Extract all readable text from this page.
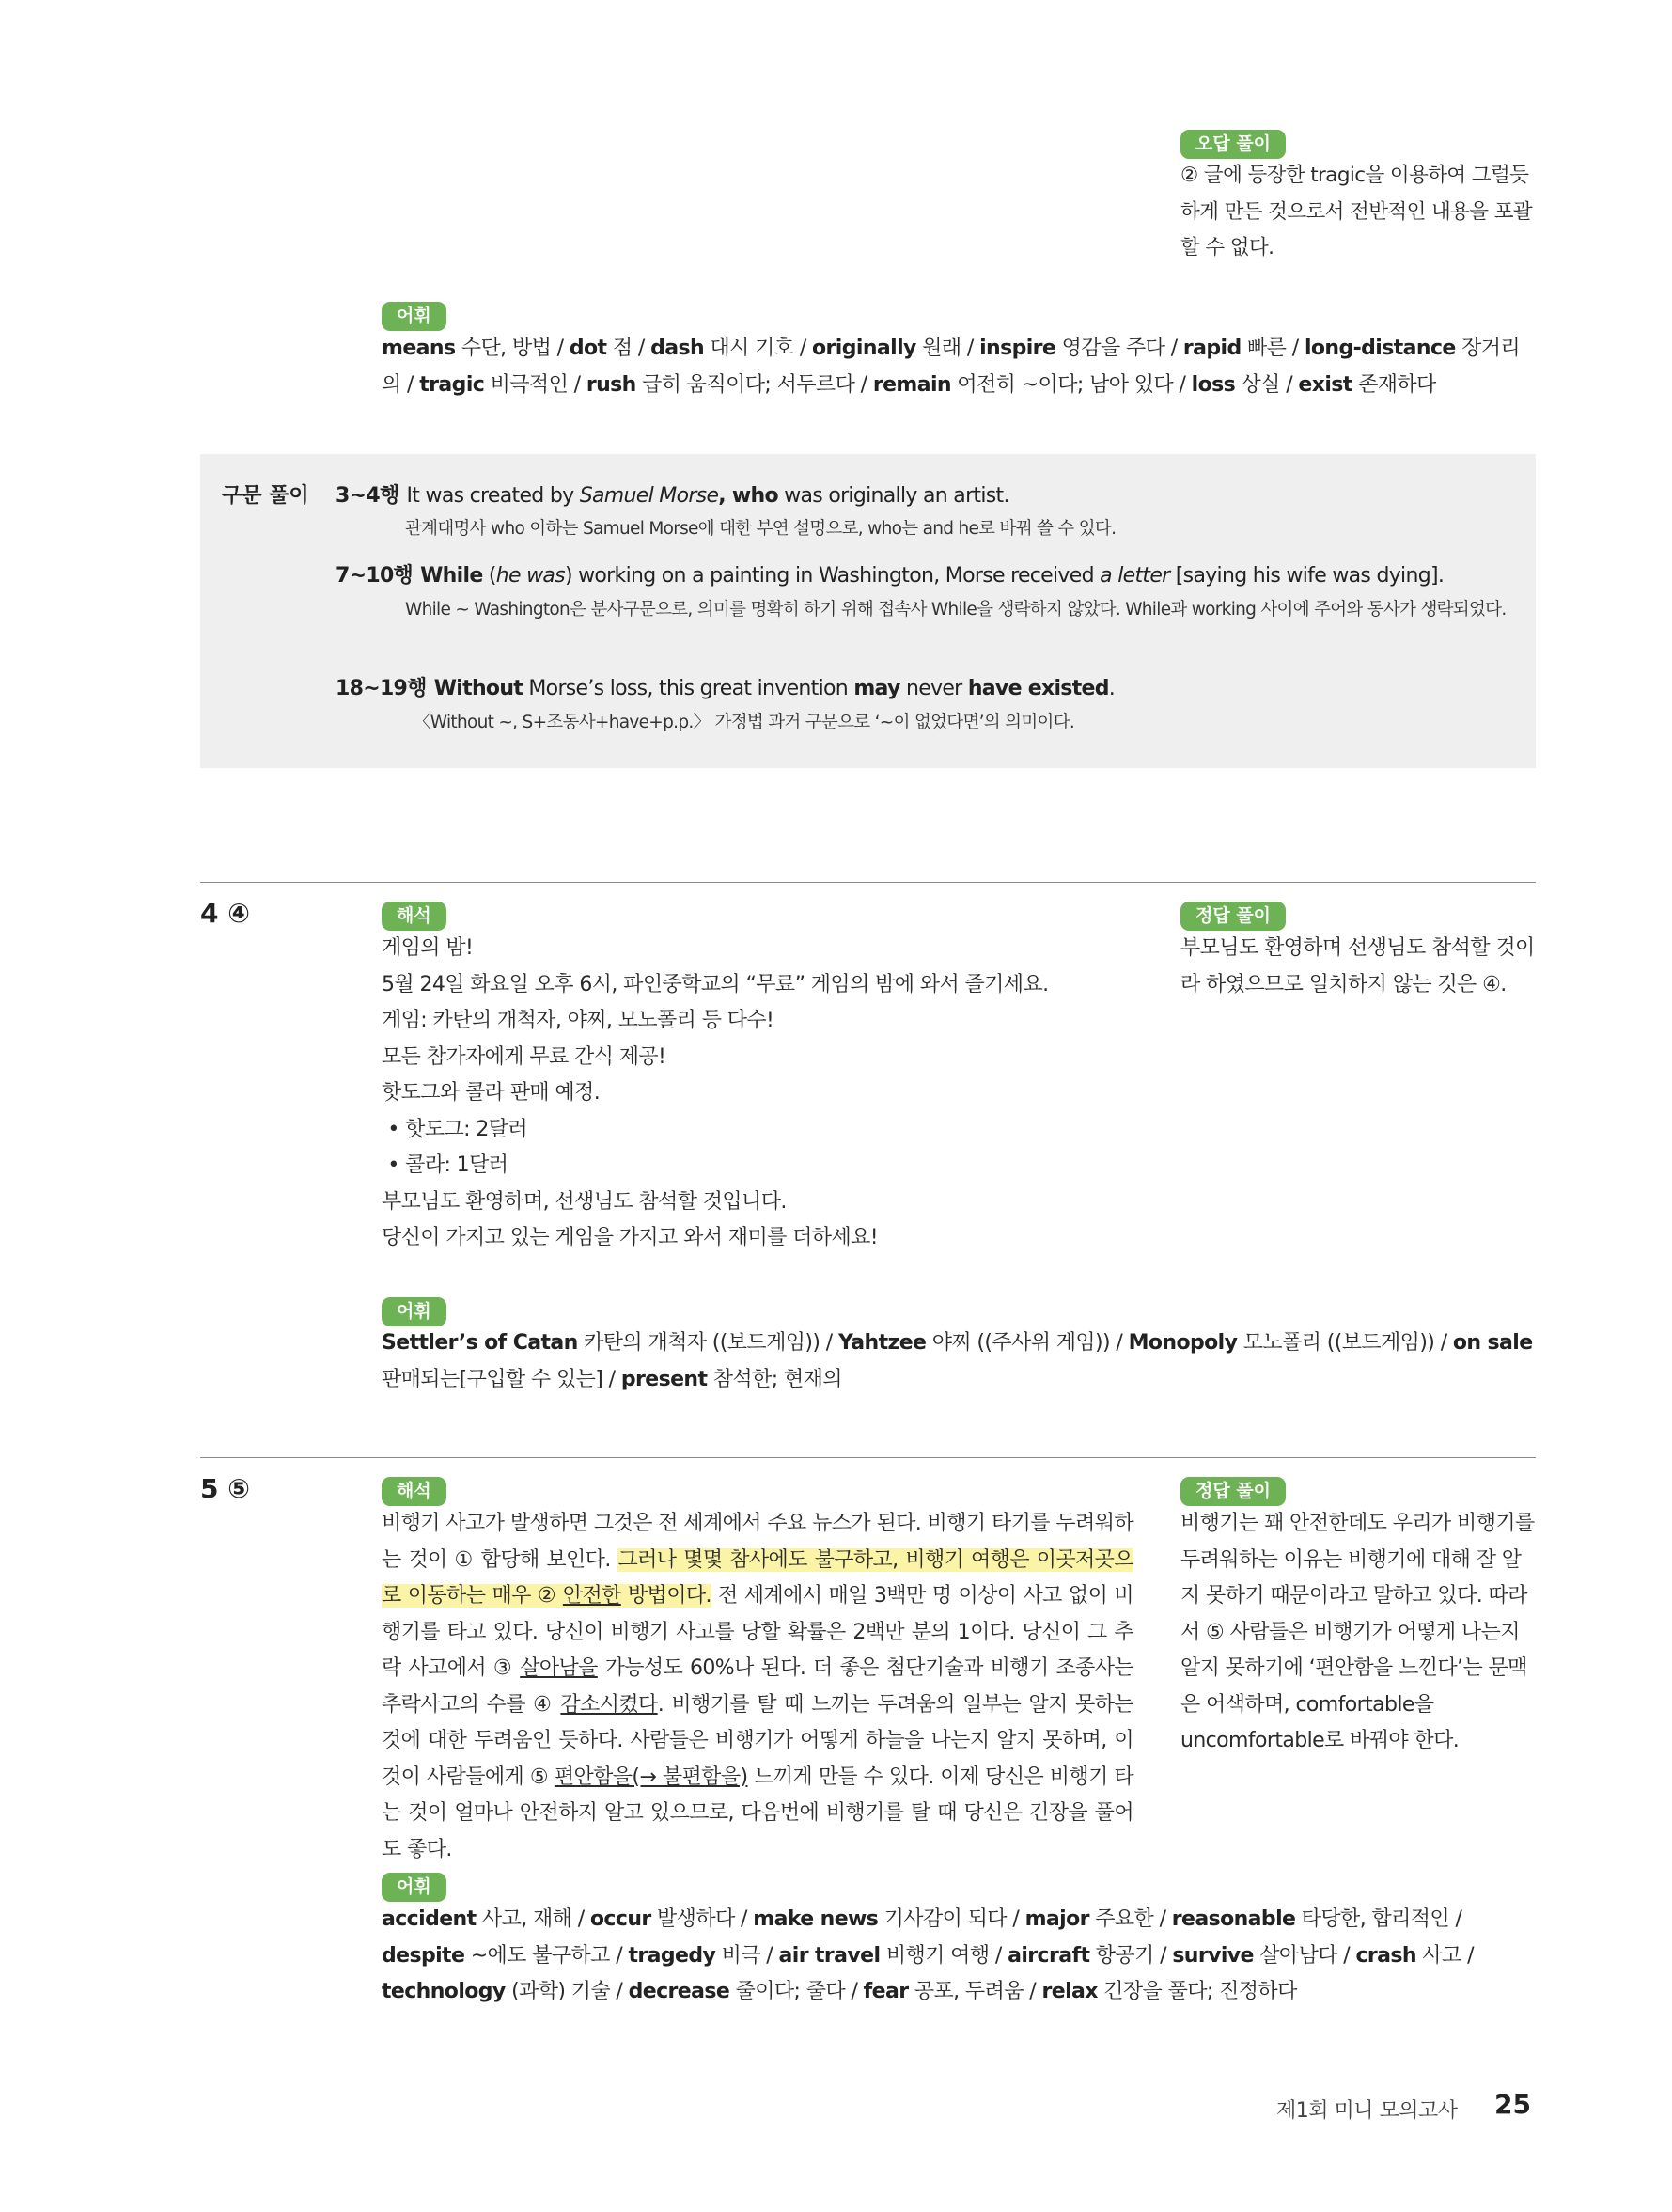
오답 풀이
② 글에 등장한 tragic을 이용하여 그럴듯하게 만든 것으로서 전반적인 내용을 포괄할 수 없다.
어휘
means 수단, 방법 / dot 점 / dash 대시 기호 / originally 원래 / inspire 영감을 주다 / rapid 빠른 / long-distance 장거리의 / tragic 비극적인 / rush 급히 움직이다; 서두르다 / remain 여전히 ~이다; 남아 있다 / loss 상실 / exist 존재하다
구문 풀이 3~4행 It was created by Samuel Morse, who was originally an artist.
관계대명사 who 이하는 Samuel Morse에 대한 부연 설명으로, who는 and he로 바꿔 쓸 수 있다.
7~10행 While (he was) working on a painting in Washington, Morse received a letter [saying his wife was dying].
While ~ Washington은 분사구문으로, 의미를 명확히 하기 위해 접속사 While을 생략하지 않았다. While과 working 사이에 주어와 동사가 생략되었다.
18~19행 Without Morse’s loss, this great invention may never have existed.
〈Without ~, S+조동사+have+p.p.〉 가정법 과거 구문으로 ‘~이 없었다면’의 의미이다.
4 ④	해석

게임의 밤!

5월 24일 화요일 오후 6시, 파인중학교의 “무료” 게임의 밤에 와서 즐기세요.

게임: 카탄의 개척자, 야찌, 모노폴리 등 다수!

모든 참가자에게 무료 간식 제공!

핫도그와 콜라 판매 예정.

• 핫도그: 2달러

• 콜라: 1달러

부모님도 환영하며, 선생님도 참석할 것입니다.

당신이 가지고 있는 게임을 가지고 와서 재미를 더하세요!

정답 풀이
부모님도 환영하며 선생님도 참석할 것이라 하였으므로 일치하지 않는 것은 ④.
어휘
Settler’s of Catan 카탄의 개척자 ((보드게임)) / Yahtzee 야찌 ((주사위 게임)) / Monopoly 모노폴리 ((보드게임)) / on sale 판매되는[구입할 수 있는] / present 참석한; 현재의
5 ⑤	해석
비행기 사고가 발생하면 그것은 전 세계에서 주요 뉴스가 된다. 비행기 타기를 두려워하는 것이 ① 합당해 보인다. 그러나 몇몇 참사에도 불구하고, 비행기 여행은 이곳저곳으로 이동하는 매우 ② 안전한 방법이다. 전 세계에서 매일 3백만 명 이상이 사고 없이 비행기를 타고 있다. 당신이 비행기 사고를 당할 확률은 2백만 분의 1이다. 당신이 그 추락 사고에서 ③ 살아남을 가능성도 60%나 된다. 더 좋은 첨단기술과 비행기 조종사는 추락사고의 수를 ④ 감소시켰다. 비행기를 탈 때 느끼는 두려움의 일부는 알지 못하는 것에 대한 두려움인 듯하다. 사람들은 비행기가 어떻게 하늘을 나는지 알지 못하며, 이것이 사람들에게 ⑤ 편안함을(→ 불편함을) 느끼게 만들 수 있다. 이제 당신은 비행기 타는 것이 얼마나 안전하지 알고 있으므로, 다음번에 비행기를 탈 때 당신은 긴장을 풀어도 좋다.
정답 풀이
비행기는 꽤 안전한데도 우리가 비행기를 두려워하는 이유는 비행기에 대해 잘 알지 못하기 때문이라고 말하고 있다. 따라서 ⑤ 사람들은 비행기가 어떻게 나는지 알지 못하기에 ‘편안함을 느낀다’는 문맥은 어색하며, comfortable을 uncomfortable로 바꿔야 한다.
어휘
accident 사고, 재해 / occur 발생하다 / make news 기사감이 되다 / major 주요한 / reasonable 타당한, 합리적인 / despite ~에도 불구하고 / tragedy 비극 / air travel 비행기 여행 / aircraft 항공기 / survive 살아남다 / crash 사고 / technology (과학) 기술 / decrease 줄이다; 줄다 / fear 공포, 두려움 / relax 긴장을 풀다; 진정하다
제1회 미니 모의고사 25
